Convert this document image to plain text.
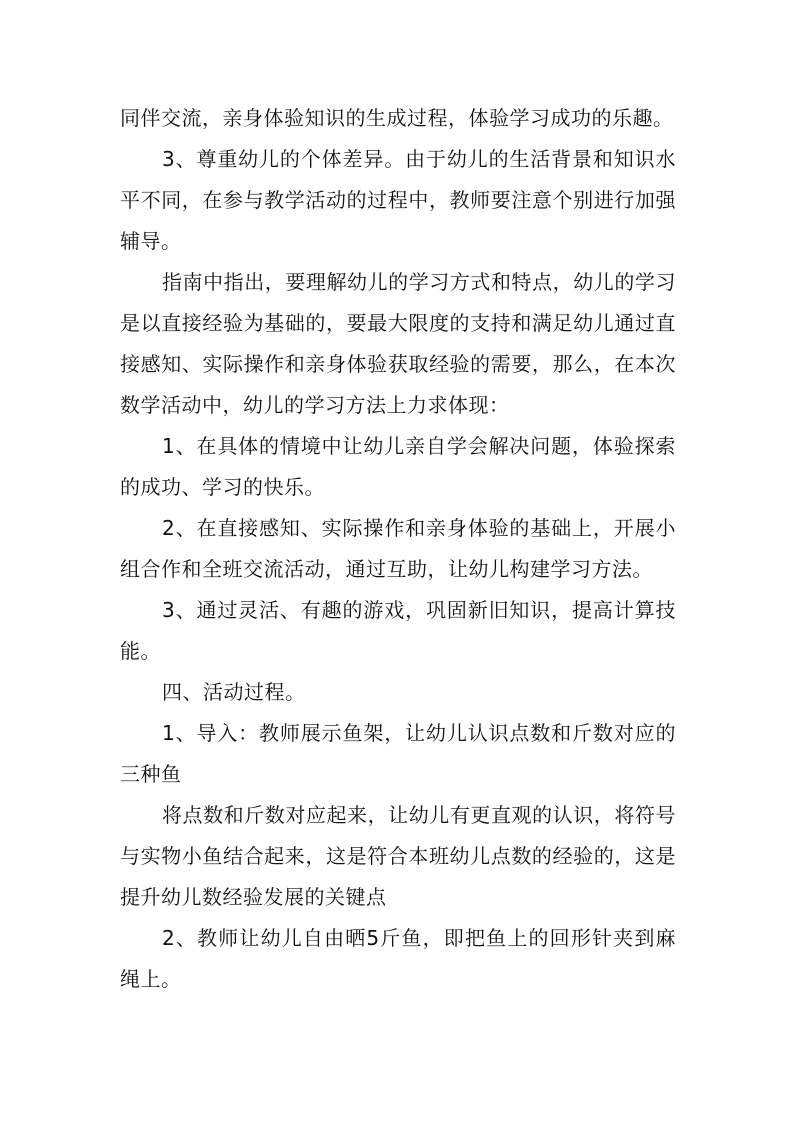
同伴交流，亲身体验知识的生成过程，体验学习成功的乐趣。

3、尊重幼儿的个体差异。由于幼儿的生活背景和知识水平不同，在参与教学活动的过程中，教师要注意个别进行加强辅导。

指南中指出，要理解幼儿的学习方式和特点，幼儿的学习是以直接经验为基础的，要最大限度的支持和满足幼儿通过直接感知、实际操作和亲身体验获取经验的需要，那么，在本次数学活动中，幼儿的学习方法上力求体现：

1、在具体的情境中让幼儿亲自学会解决问题，体验探索的成功、学习的快乐。

2、在直接感知、实际操作和亲身体验的基础上，开展小组合作和全班交流活动，通过互助，让幼儿构建学习方法。

3、通过灵活、有趣的游戏，巩固新旧知识，提高计算技能。

四、活动过程。

1、导入：教师展示鱼架，让幼儿认识点数和斤数对应的三种鱼

将点数和斤数对应起来，让幼儿有更直观的认识，将符号与实物小鱼结合起来，这是符合本班幼儿点数的经验的，这是提升幼儿数经验发展的关键点

2、教师让幼儿自由晒5斤鱼，即把鱼上的回形针夹到麻绳上。
